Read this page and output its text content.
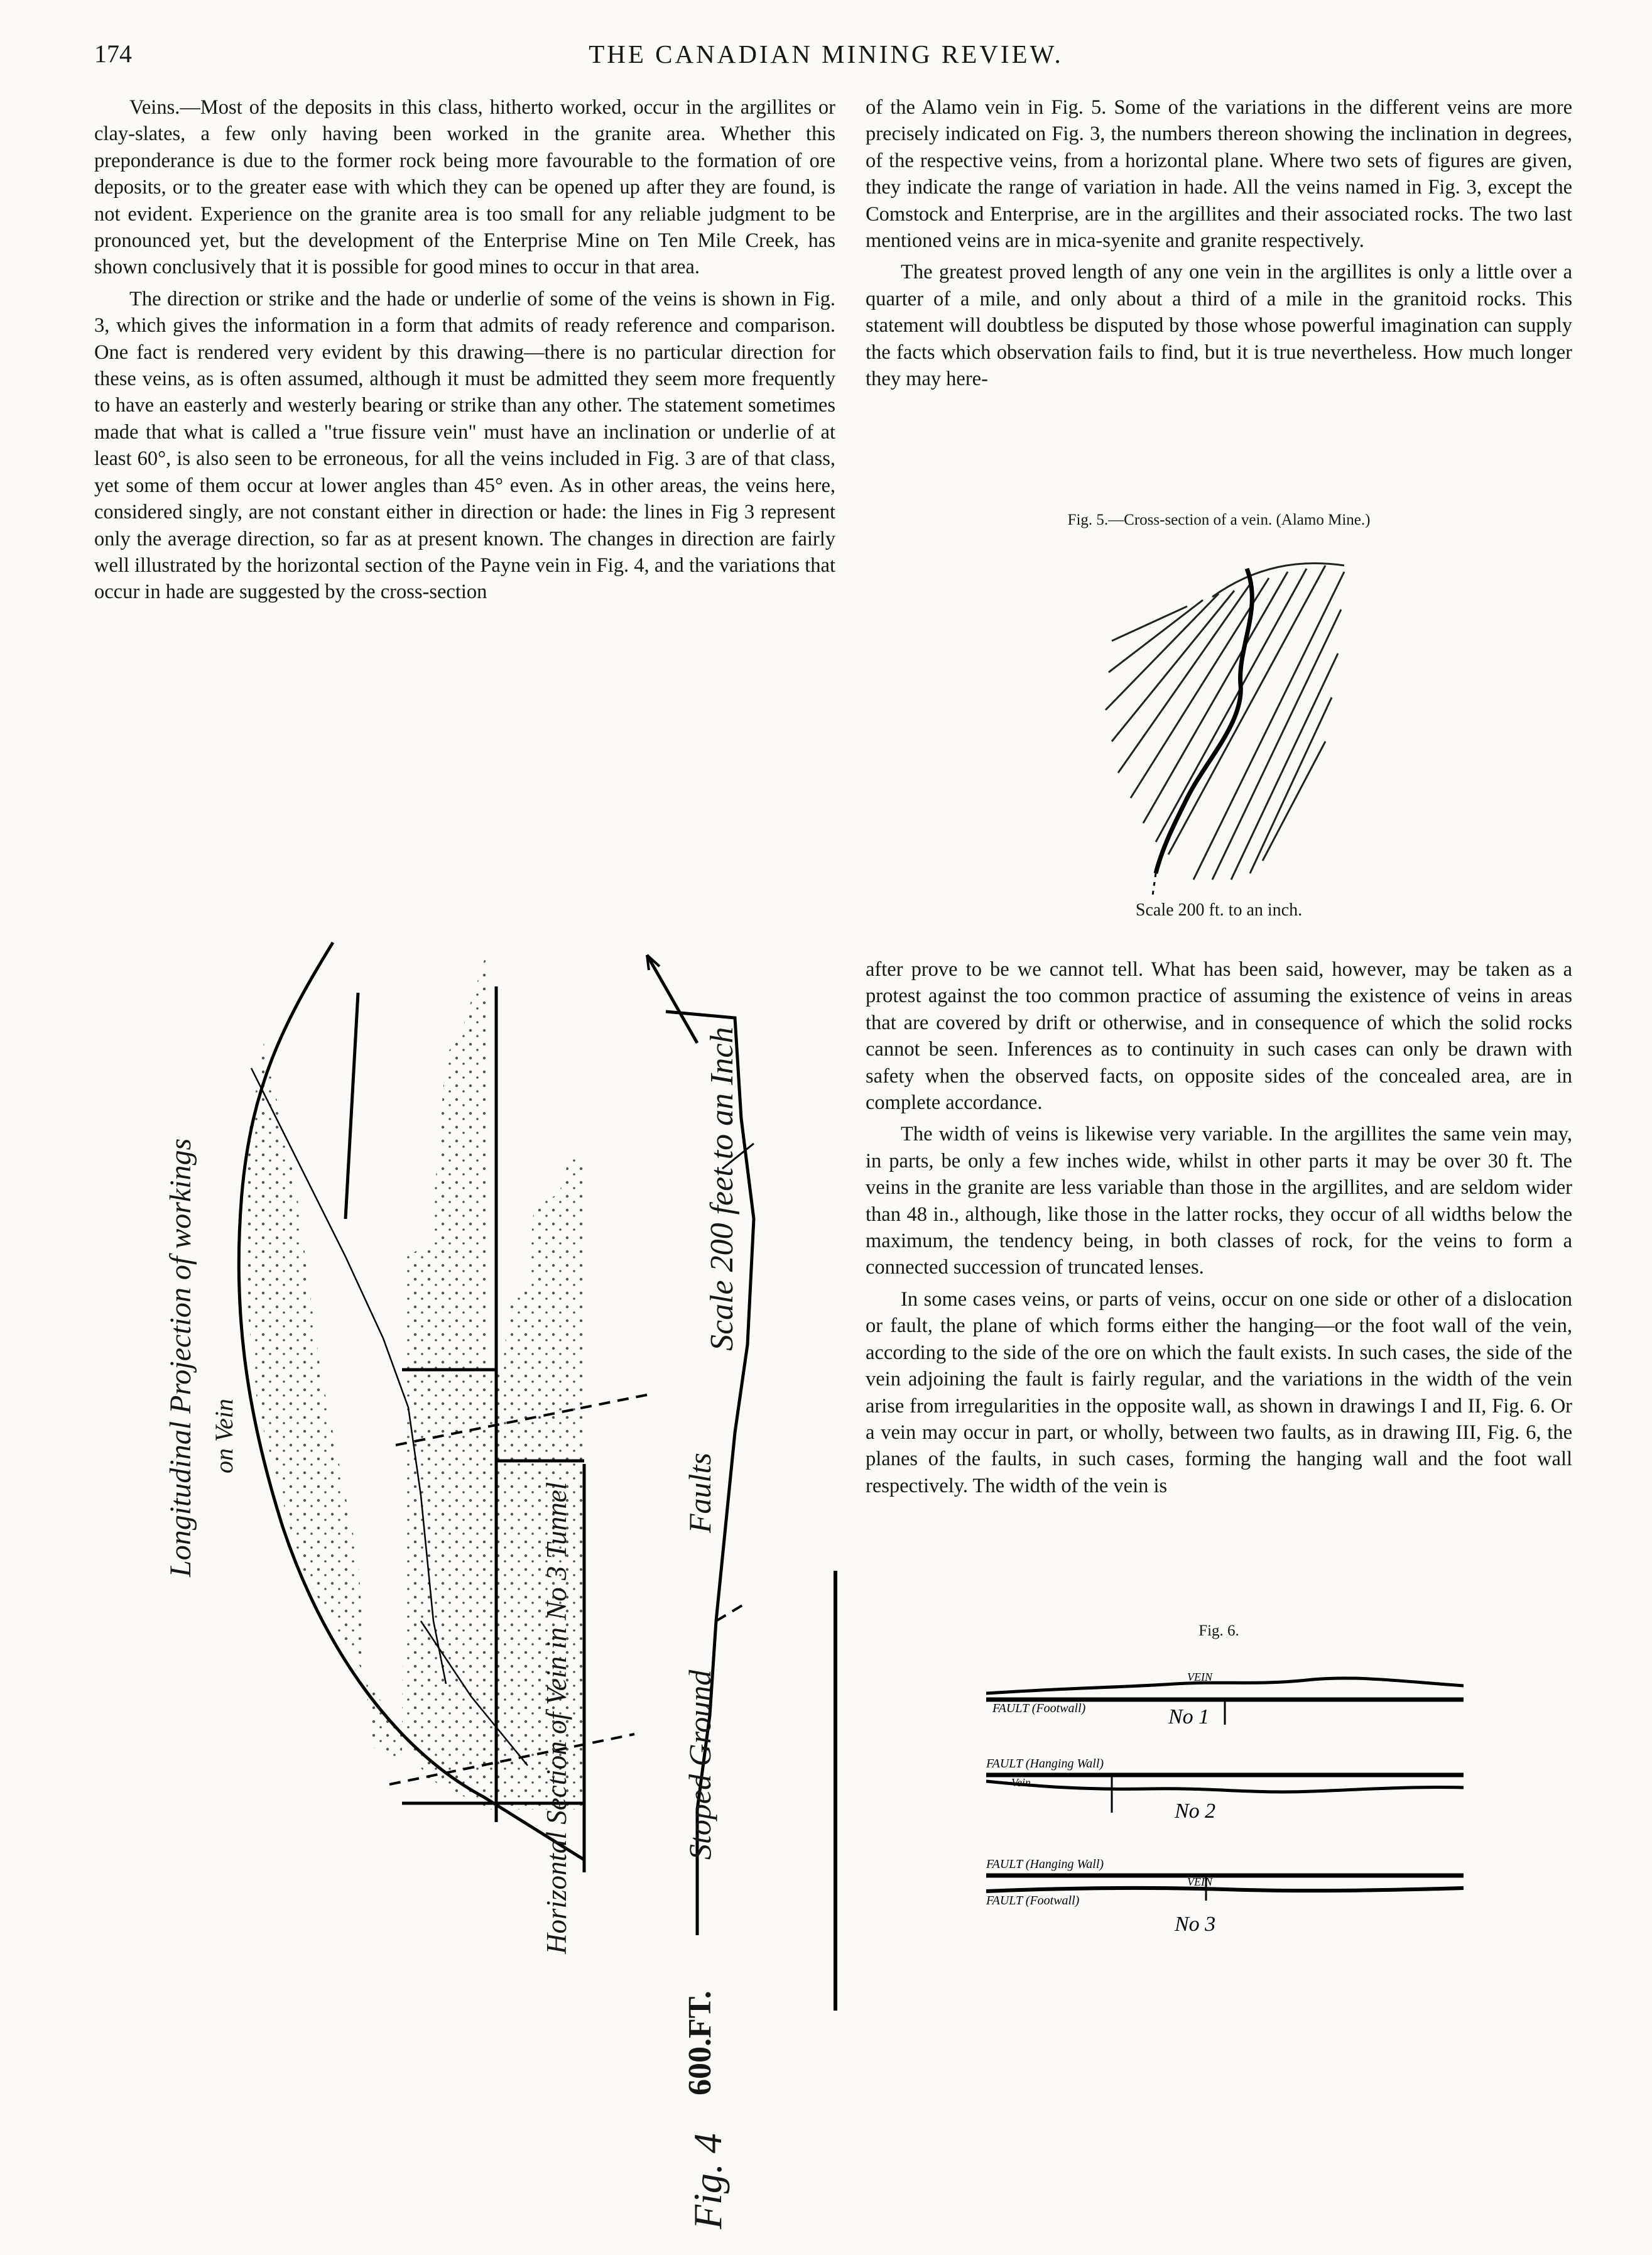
174	THE CANADIAN MINING REVIEW.

Veins.—Most of the deposits in this class, hitherto worked, occur in the argillites or clay-slates, a few only having been worked in the granite area. Whether this preponderance is due to the former rock being more favourable to the formation of ore deposits, or to the greater ease with which they can be opened up after they are found, is not evident. Experience on the granite area is too small for any reliable judgment to be pronounced yet, but the development of the Enterprise Mine on Ten Mile Creek, has shown conclusively that it is possible for good mines to occur in that area.

The direction or strike and the hade or underlie of some of the veins is shown in Fig. 3, which gives the information in a form that admits of ready reference and comparison. One fact is rendered very evident by this drawing—there is no particular direction for these veins, as is often assumed, although it must be admitted they seem more frequently to have an easterly and westerly bearing or strike than any other. The statement sometimes made that what is called a "true fissure vein" must have an inclination or underlie of at least 60°, is also seen to be erroneous, for all the veins included in Fig. 3 are of that class, yet some of them occur at lower angles than 45° even. As in other areas, the veins here, considered singly, are not constant either in direction or hade: the lines in Fig 3 represent only the average direction, so far as at present known. The changes in direction are fairly well illustrated by the horizontal section of the Payne vein in Fig. 4, and the variations that occur in hade are suggested by the cross-section

of the Alamo vein in Fig. 5. Some of the variations in the different veins are more precisely indicated on Fig. 3, the numbers thereon showing the inclination in degrees, of the respective veins, from a horizontal plane. Where two sets of figures are given, they indicate the range of variation in hade. All the veins named in Fig. 3, except the Comstock and Enterprise, are in the argillites and their associated rocks. The two last mentioned veins are in mica-syenite and granite respectively.

The greatest proved length of any one vein in the argillites is only a little over a quarter of a mile, and only about a third of a mile in the granitoid rocks. This statement will doubtless be disputed by those whose powerful imagination can supply the facts which observation fails to find, but it is true nevertheless. How much longer they may here-

Fig. 5.—Cross-section of a vein. (Alamo Mine.)
Scale 200 ft. to an inch.

after prove to be we cannot tell. What has been said, however, may be taken as a protest against the too common practice of assuming the existence of veins in areas that are covered by drift or otherwise, and in consequence of which the solid rocks cannot be seen. Inferences as to continuity in such cases can only be drawn with safety when the observed facts, on opposite sides of the concealed area, are in complete accordance.

The width of veins is likewise very variable. In the argillites the same vein may, in parts, be only a few inches wide, whilst in other parts it may be over 30 ft. The veins in the granite are less variable than those in the argillites, and are seldom wider than 48 in., although, like those in the latter rocks, they occur of all widths below the maximum, the tendency being, in both classes of rock, for the veins to form a connected succession of truncated lenses.

In some cases veins, or parts of veins, occur on one side or other of a dislocation or fault, the plane of which forms either the hanging—or the foot wall of the vein, according to the side of the ore on which the fault exists. In such cases, the side of the vein adjoining the fault is fairly regular, and the variations in the width of the vein arise from irregularities in the opposite wall, as shown in drawings I and II, Fig. 6. Or a vein may occur in part, or wholly, between two faults, as in drawing III, Fig. 6, the planes of the faults, in such cases, forming the hanging wall and the foot wall respectively. The width of the vein is

Longitudinal Projection of workings on Vein
Horizontal Section of Vein in No 3 Tunnel	Stoped Ground
Faults
Scale 200 feet to an Inch
600.FT.
Fig. 4
Fig. 6.
VEIN
FAULT (Footwall)	No 1
FAULT (Hanging Wall)
Vein
No 2
FAULT (Hanging Wall)
VEIN
FAULT (Footwall)
No 3
